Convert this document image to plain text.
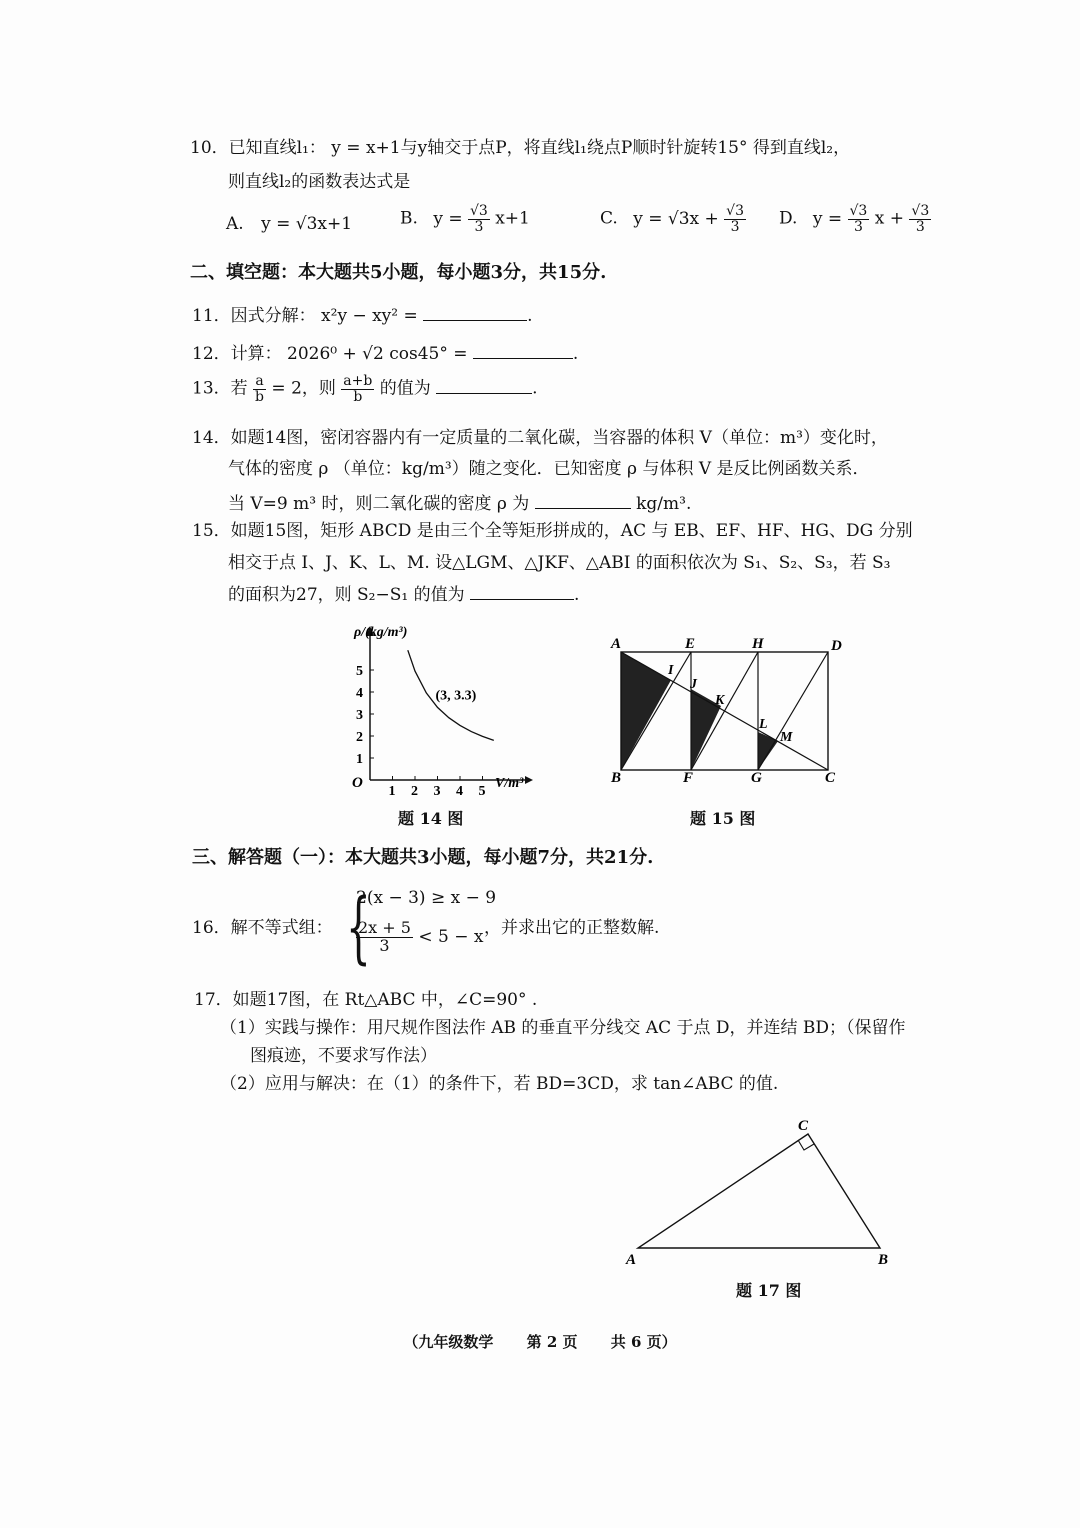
10．已知直线l₁： y = x+1与y轴交于点P，将直线l₁绕点P顺时针旋转15° 得到直线l₂，
则直线l₂的函数表达式是
A. y = √3x+1	B. $y = \frac{√3}{3} x+1$	C. $y = √3x + \frac{√3}{3} D$. $y = \frac{√3}{3}$ $x + \frac{√3}{3}$
二、填空题：本大题共5小题，每小题3分，共15分.
11．因式分解： x²y − xy² =	.
12．计算： 2026⁰ + √2 cos45° =	.
13．若 $\frac{a}{b} = 2$，则 $\frac{a+b}{b}$ 的值为	.
14．如题14图，密闭容器内有一定质量的二氧化碳，当容器的体积 V（单位：m³）变化时，
气体的密度 ρ （单位：kg/m³）随之变化．已知密度 ρ 与体积 V 是反比例函数关系．
当 V=9 m³ 时，则二氧化碳的密度 ρ 为	kg/m³.
15．如题15图，矩形 ABCD 是由三个全等矩形拼成的，AC 与 EB、EF、HF、HG、DG 分别
相交于点 I、J、K、L、M. 设△LGM、△JKF、△ABI 的面积依次为 S₁、S₂、S₃，若 S₃
的面积为27，则 S₂−S₁ 的值为	.
ρ/(kg/m³)
V/m³
O
1 2 3 4 5
1
2
3
4
5
(3, 3.3)
题 14 图
A	E	H	D
B	F	G	C
I
J
K
L
M
题 15 图
三、解答题（一）：本大题共3小题，每小题7分，共21分.
16．解不等式组： {
2(x − 3) ≥ x − 9
$\frac{2x + 5}{3} < 5 - x$ ，并求出它的正整数解.
17．如题17图，在 Rt△ABC 中，∠C=90° .
（1）实践与操作：用尺规作图法作 AB 的垂直平分线交 AC 于点 D，并连结 BD；（保留作
图痕迹，不要求写作法）
（2）应用与解决：在（1）的条件下，若 BD=3CD，求 tan∠ABC 的值.
C
A	B
题 17 图
（九年级数学 第 2 页 共 6 页）
